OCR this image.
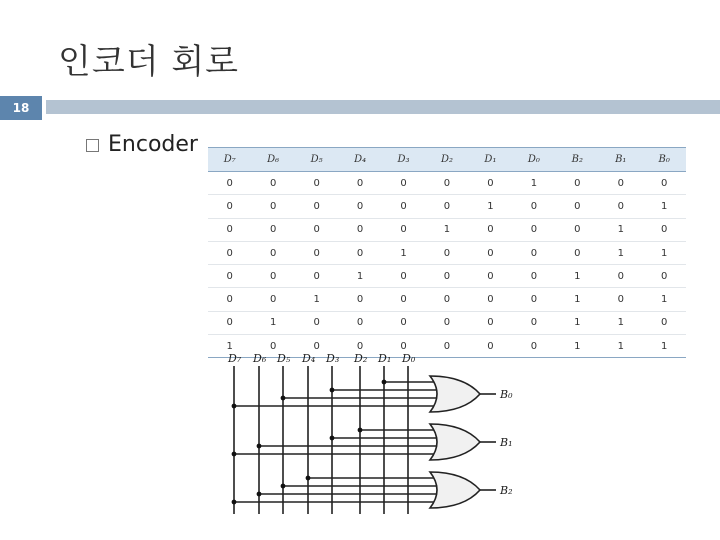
인코더 회로
18
Encoder
D₇	D₆	D₅	D₄	D₃	D₂	D₁	D₀	B₂	B₁	B₀
0	0	0	0	0	0	0	1	0	0	0
0	0	0	0	0	0	1	0	0	0	1
0	0	0	0	0	1	0	0	0	1	0
0	0	0	0	1	0	0	0	0	1	1
0	0	0	1	0	0	0	0	1	0	0
0	0	1	0	0	0	0	0	1	0	1
0	1	0	0	0	0	0	0	1	1	0
1	0	0	0	0	0	0	0	1	1	1
D₇ D₆ D₅ D₄ D₃ D₂ D₁ D₀
B₀
B₁
B₂
